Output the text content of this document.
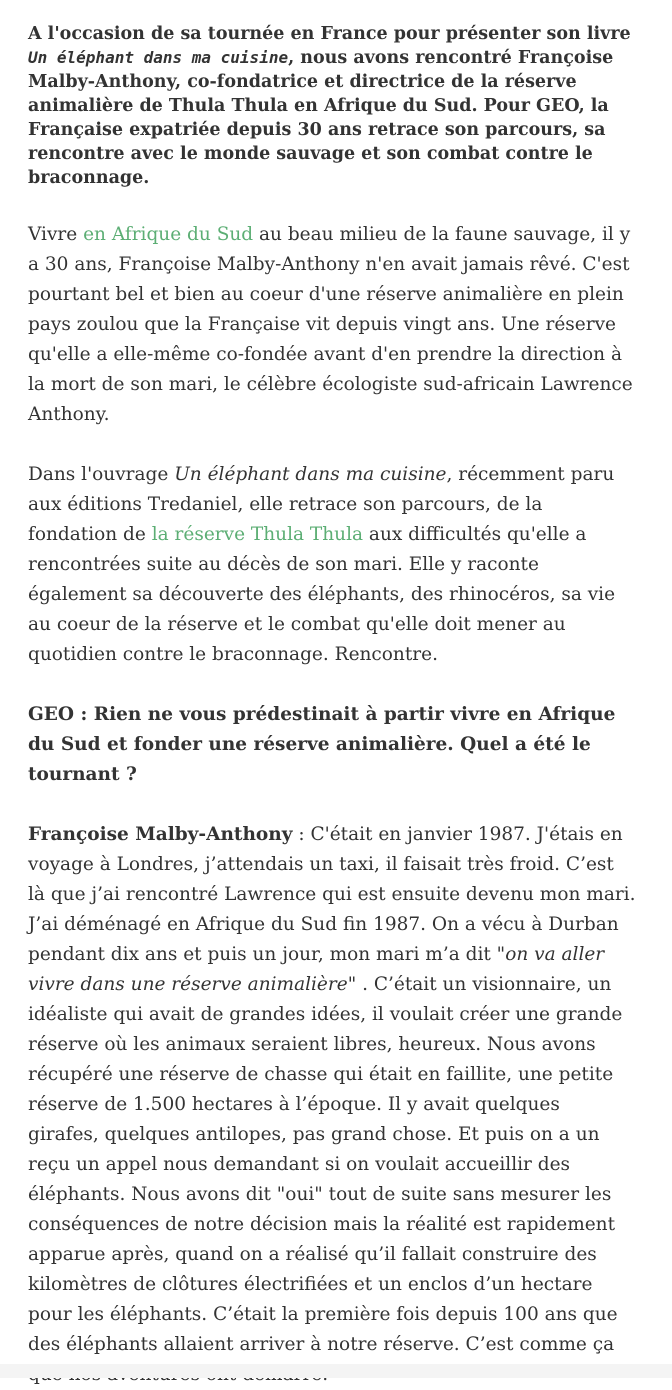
A l'occasion de sa tournée en France pour présenter son livre Un éléphant dans ma cuisine, nous avons rencontré Françoise Malby-Anthony, co-fondatrice et directrice de la réserve animalière de Thula Thula en Afrique du Sud. Pour GEO, la Française expatriée depuis 30 ans retrace son parcours, sa rencontre avec le monde sauvage et son combat contre le braconnage.

Vivre en Afrique du Sud au beau milieu de la faune sauvage, il y a 30 ans, Françoise Malby-Anthony n'en avait jamais rêvé. C'est pourtant bel et bien au coeur d'une réserve animalière en plein pays zoulou que la Française vit depuis vingt ans. Une réserve qu'elle a elle-même co-fondée avant d'en prendre la direction à la mort de son mari, le célèbre écologiste sud-africain Lawrence Anthony.

Dans l'ouvrage Un éléphant dans ma cuisine, récemment paru aux éditions Tredaniel, elle retrace son parcours, de la fondation de la réserve Thula Thula aux difficultés qu'elle a rencontrées suite au décès de son mari. Elle y raconte également sa découverte des éléphants, des rhinocéros, sa vie au coeur de la réserve et le combat qu'elle doit mener au quotidien contre le braconnage. Rencontre.

GEO : Rien ne vous prédestinait à partir vivre en Afrique du Sud et fonder une réserve animalière. Quel a été le tournant ?

Françoise Malby-Anthony : C'était en janvier 1987. J'étais en voyage à Londres, j’attendais un taxi, il faisait très froid. C’est là que j’ai rencontré Lawrence qui est ensuite devenu mon mari. J’ai déménagé en Afrique du Sud fin 1987. On a vécu à Durban pendant dix ans et puis un jour, mon mari m’a dit "on va aller vivre dans une réserve animalière" . C’était un visionnaire, un idéaliste qui avait de grandes idées, il voulait créer une grande réserve où les animaux seraient libres, heureux. Nous avons récupéré une réserve de chasse qui était en faillite, une petite réserve de 1.500 hectares à l’époque. Il y avait quelques girafes, quelques antilopes, pas grand chose. Et puis on a un reçu un appel nous demandant si on voulait accueillir des éléphants. Nous avons dit "oui" tout de suite sans mesurer les conséquences de notre décision mais la réalité est rapidement apparue après, quand on a réalisé qu’il fallait construire des kilomètres de clôtures électrifiées et un enclos d’un hectare pour les éléphants. C’était la première fois depuis 100 ans que des éléphants allaient arriver à notre réserve. C’est comme ça
